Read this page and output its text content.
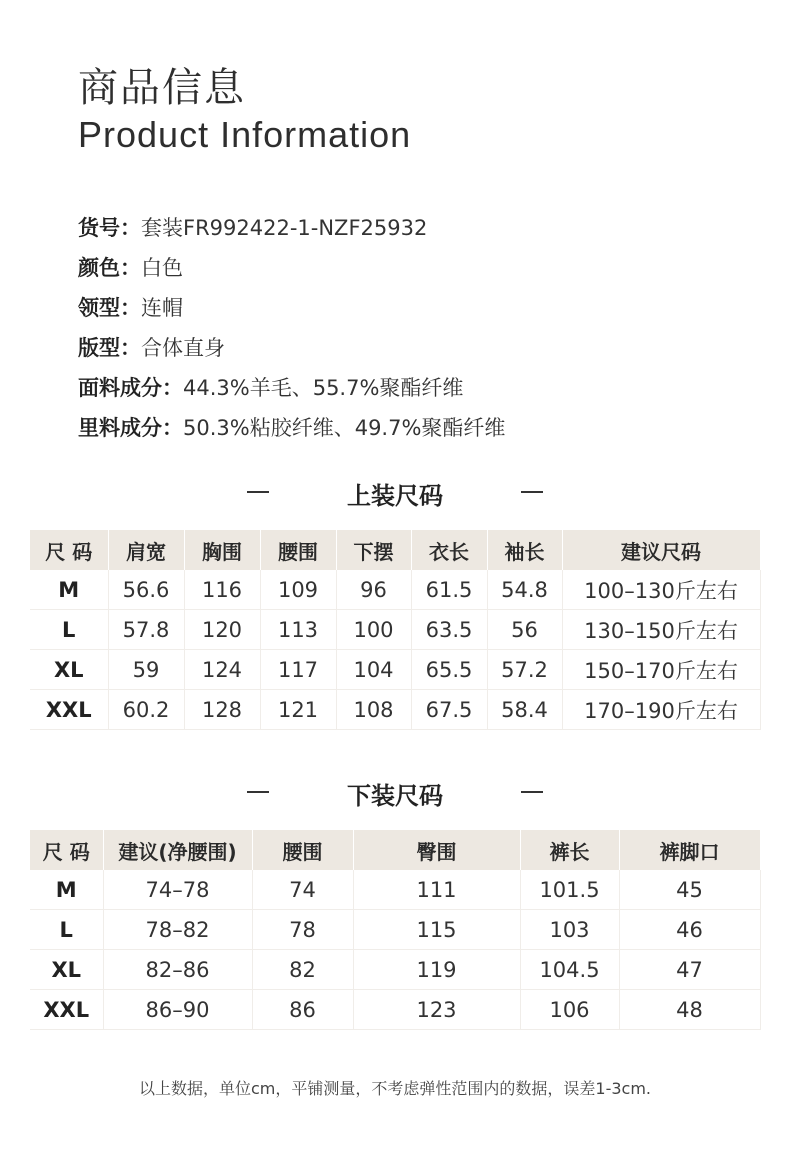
商品信息
Product Information
货号：套装FR992422-1-NZF25932
颜色：白色
领型：连帽
版型：合体直身
面料成分：44.3%羊毛、55.7%聚酯纤维
里料成分：50.3%粘胶纤维、49.7%聚酯纤维
上装尺码
尺 码	肩宽	胸围	腰围	下摆	衣长	袖长	建议尺码
M	56.6	116	109	96	61.5	54.8	100–130斤左右
L	57.8	120	113	100	63.5	56	130–150斤左右
XL	59	124	117	104	65.5	57.2	150–170斤左右
XXL	60.2	128	121	108	67.5	58.4	170–190斤左右
下装尺码
尺 码	建议(净腰围)	腰围	臀围	裤长	裤脚口
M	74–78	74	111	101.5	45
L	78–82	78	115	103	46
XL	82–86	82	119	104.5	47
XXL	86–90	86	123	106	48
以上数据，单位cm，平铺测量，不考虑弹性范围内的数据，误差1-3cm.
